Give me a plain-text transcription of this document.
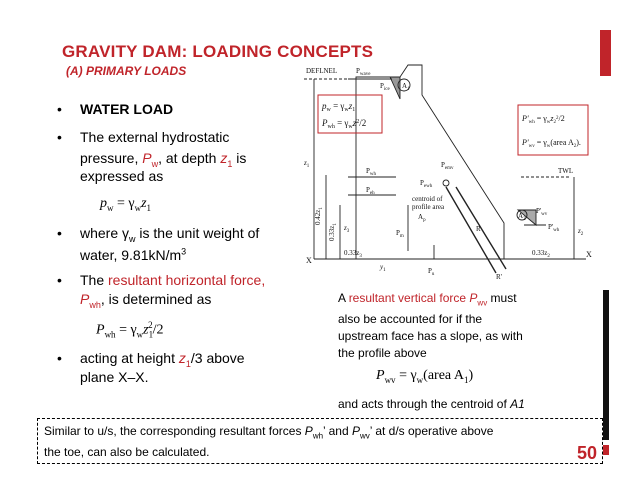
GRAVITY DAM: LOADING CONCEPTS
(A) PRIMARY LOADS
• WATER LOAD
• The external hydrostatic
pressure, $P_w$, at depth $z_1$ is
expressed as
$p_w = \gamma_wz_1$
• where $\gamma_w$ is the unit weight of
water, $9.81kN/m^3$
• The resultant horizontal force,
$P_{wh}$, is determined as
$P_{wh} = \gamma_wz_1^2/2$
• acting at height $z_1/3$ above
plane X–X.
A resultant vertical force $P_{wv}$ must
also be accounted for if the
upstream face has a slope, as with
the profile above
$P_{wv}$ = $\gamma_w(area$ $A_1$)
and acts through the centroid of A1
Similar to u/s, the corresponding resultant forces $P_{wh}$’ and $P_{wv}$’ at d/s operative above
the toe, can also be calculated.	50
DEFLNEL	$P_{wave}$
$P_{ice}$ $A_1$
$p_w = \gamma_wz_1$
$P_{wh} = \gamma_wz^2/2$	$P'_{wh} = \gamma_wz_2^2/2$
$P'_{wv}$ = $\gamma_w(area$ $A_2$).
$P_{emv}$
$P_{wh}$
$P_{eh}$
$P_{ewh}$
centroid of
profile area
$A_p$
$P_m$
R
R'
$P_u$
TWL
$A_2$
$P'_{wv}$
$P'_{wh}$
$z_1$
$z_2$
$z_3$
$y_1$
$0.42z_1$
$0.33z_1$
$0.33z_3$	$0.33z_2$
X
X
